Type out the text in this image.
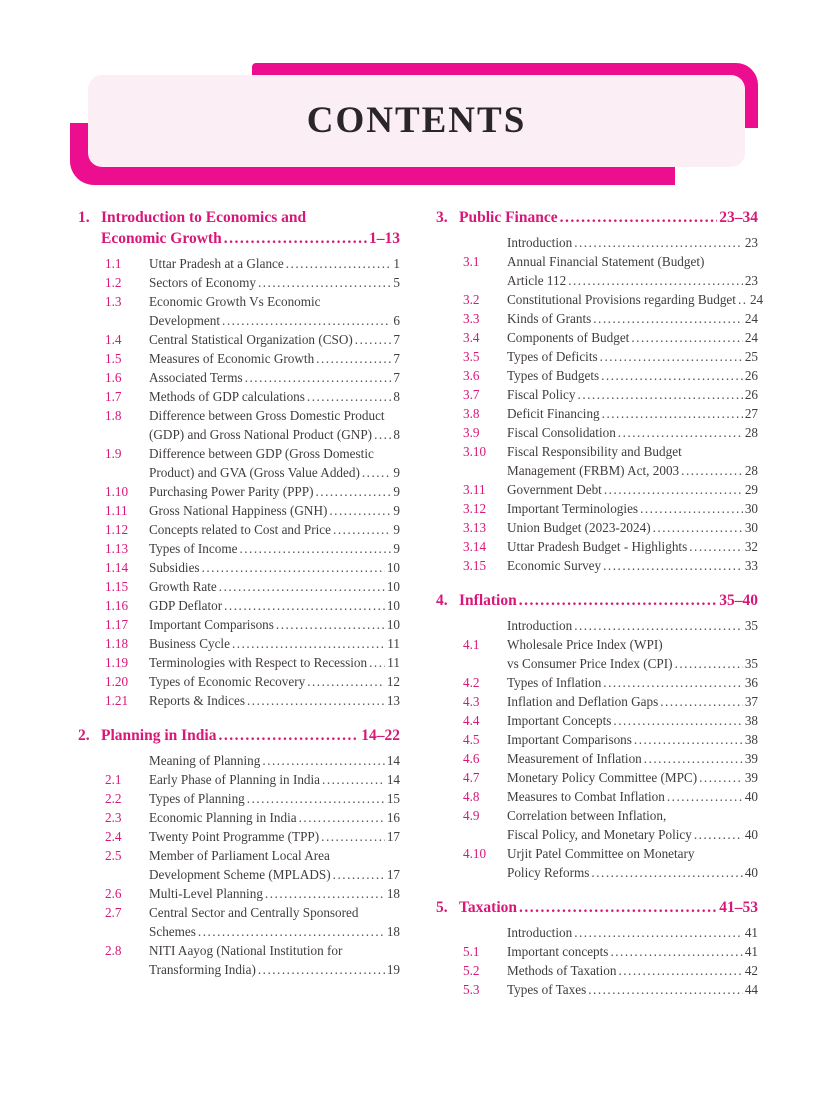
CONTENTS
1. Introduction to Economics and
Economic Growth .....	1–13
1.1	Uttar Pradesh at a Glance .....	1
1.2	Sectors of Economy .....	5
1.3	Economic Growth Vs Economic
Development .....	6
1.4	Central Statistical Organization (CSO) .....	7
1.5	Measures of Economic Growth .....	7
1.6	Associated Terms .....	7
1.7	Methods of GDP calculations .....	8
1.8	Difference between Gross Domestic Product
(GDP) and Gross National Product (GNP) ..... 8
1.9	Difference between GDP (Gross Domestic
Product) and GVA (Gross Value Added) .....	9
1.10	Purchasing Power Parity (PPP) .....	9
1.11	Gross National Happiness (GNH) .....	9
1.12	Concepts related to Cost and Price .....	9
1.13	Types of Income .....	9
1.14	Subsidies .....	10
1.15	Growth Rate .....	10
1.16	GDP Deflator .....	10
1.17	Important Comparisons .....	10
1.18	Business Cycle .....	11
1.19	Terminologies with Respect to Recession ..... 11
1.20	Types of Economic Recovery .....	12
1.21	Reports & Indices .....	13
2. Planning in India .....	14–22
Meaning of Planning .....	14
2.1	Early Phase of Planning in India .....	14
2.2	Types of Planning .....	15
2.3	Economic Planning in India .....	16
2.4	Twenty Point Programme (TPP) .....	17
2.5	Member of Parliament Local Area
Development Scheme (MPLADS) .....	17
2.6	Multi-Level Planning .....	18
2.7	Central Sector and Centrally Sponsored
Schemes .....	18
2.8	NITI Aayog (National Institution for
Transforming India) .....	19
3. Public Finance .....	23–34
Introduction .....	23
3.1	Annual Financial Statement (Budget)
Article 112 .....	23
3.2	Constitutional Provisions regarding Budget ..... 24
3.3	Kinds of Grants .....	24
3.4	Components of Budget .....	24
3.5	Types of Deficits .....	25
3.6	Types of Budgets .....	26
3.7	Fiscal Policy .....	26
3.8	Deficit Financing .....	27
3.9	Fiscal Consolidation .....	28
3.10	Fiscal Responsibility and Budget
Management (FRBM) Act, 2003 .....	28
3.11	Government Debt .....	29
3.12	Important Terminologies .....	30
3.13	Union Budget (2023-2024) .....	30
3.14	Uttar Pradesh Budget - Highlights .....	32
3.15	Economic Survey .....	33
4. Inflation .....	35–40
Introduction .....	35
4.1	Wholesale Price Index (WPI)
vs Consumer Price Index (CPI) .....	35
4.2	Types of Inflation .....	36
4.3	Inflation and Deflation Gaps .....	37
4.4	Important Concepts .....	38
4.5	Important Comparisons .....	38
4.6	Measurement of Inflation .....	39
4.7	Monetary Policy Committee (MPC) .....	39
4.8	Measures to Combat Inflation .....	40
4.9	Correlation between Inflation,
Fiscal Policy, and Monetary Policy .....	40
4.10	Urjit Patel Committee on Monetary
Policy Reforms .....	40
5. Taxation .....	41–53
Introduction .....	41
5.1	Important concepts .....	41
5.2	Methods of Taxation .....	42
5.3	Types of Taxes .....	44
